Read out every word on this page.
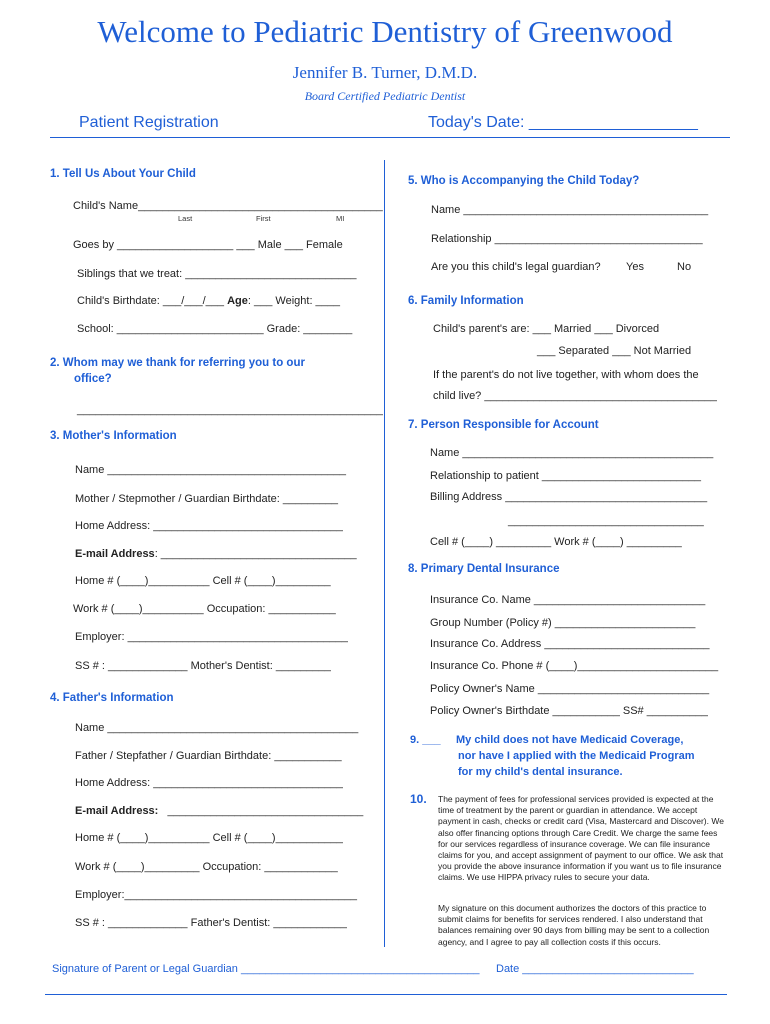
Welcome to Pediatric Dentistry of Greenwood
Jennifer B. Turner, D.M.D.
Board Certified Pediatric Dentist
Patient Registration	Today's Date: ___________________
1. Tell Us About Your Child
Child's Name________________________________________
Last	First	MI
Goes by ___________________ ___ Male ___ Female
Siblings that we treat: ____________________________
Child's Birthdate: ___/___/___ Age: ___ Weight: ____
School: ________________________ Grade: ________
2. Whom may we thank for referring you to our
office?
__________________________________________________
3. Mother's Information
Name _______________________________________
Mother / Stepmother / Guardian Birthdate: _________
Home Address: _______________________________
E-mail Address: ________________________________
Home # (____)__________ Cell # (____)_________
Work # (____)__________ Occupation: ___________
Employer: ____________________________________
SS # : _____________ Mother's Dentist: _________
4. Father's Information
Name _________________________________________
Father / Stepfather / Guardian Birthdate: ___________
Home Address: _______________________________
E-mail Address: ________________________________
Home # (____)__________ Cell # (____)___________
Work # (____)_________ Occupation: ____________
Employer:______________________________________
SS # : _____________ Father's Dentist: ____________
5. Who is Accompanying the Child Today?
Name ________________________________________
Relationship __________________________________
Are you this child's legal guardian? Yes	No
6. Family Information
Child's parent's are: ___ Married ___ Divorced
___ Separated ___ Not Married
If the parent's do not live together, with whom does the
child live? ______________________________________
7. Person Responsible for Account
Name _________________________________________
Relationship to patient __________________________
Billing Address _________________________________
________________________________
Cell # (____) _________ Work # (____) _________
8. Primary Dental Insurance
Insurance Co. Name ____________________________
Group Number (Policy #) _______________________
Insurance Co. Address ___________________________
Insurance Co. Phone # (____)_______________________
Policy Owner's Name ____________________________
Policy Owner's Birthdate ___________ SS# __________
9. ___ My child does not have Medicaid Coverage,
nor have I applied with the Medicaid Program
for my child's dental insurance.
10. The payment of fees for professional services provided is expected at the time of treatment by the parent or guardian in attendance. We accept payment in cash, checks or credit card (Visa, Mastercard and Discover). We also offer financing options through Care Credit. We charge the same fees for our services regardless of insurance coverage. We can file insurance claims for you, and accept assignment of payment to our office. We ask that you provide the above insurance information if you want us to file insurance claims. We use HIPPA privacy rules to secure your data.
My signature on this document authorizes the doctors of this practice to submit claims for benefits for services rendered. I also understand that balances remaining over 90 days from billing may be sent to a collection agency, and I agree to pay all collection costs if this occurs.
Signature of Parent or Legal Guardian _______________________________________ Date ____________________________
